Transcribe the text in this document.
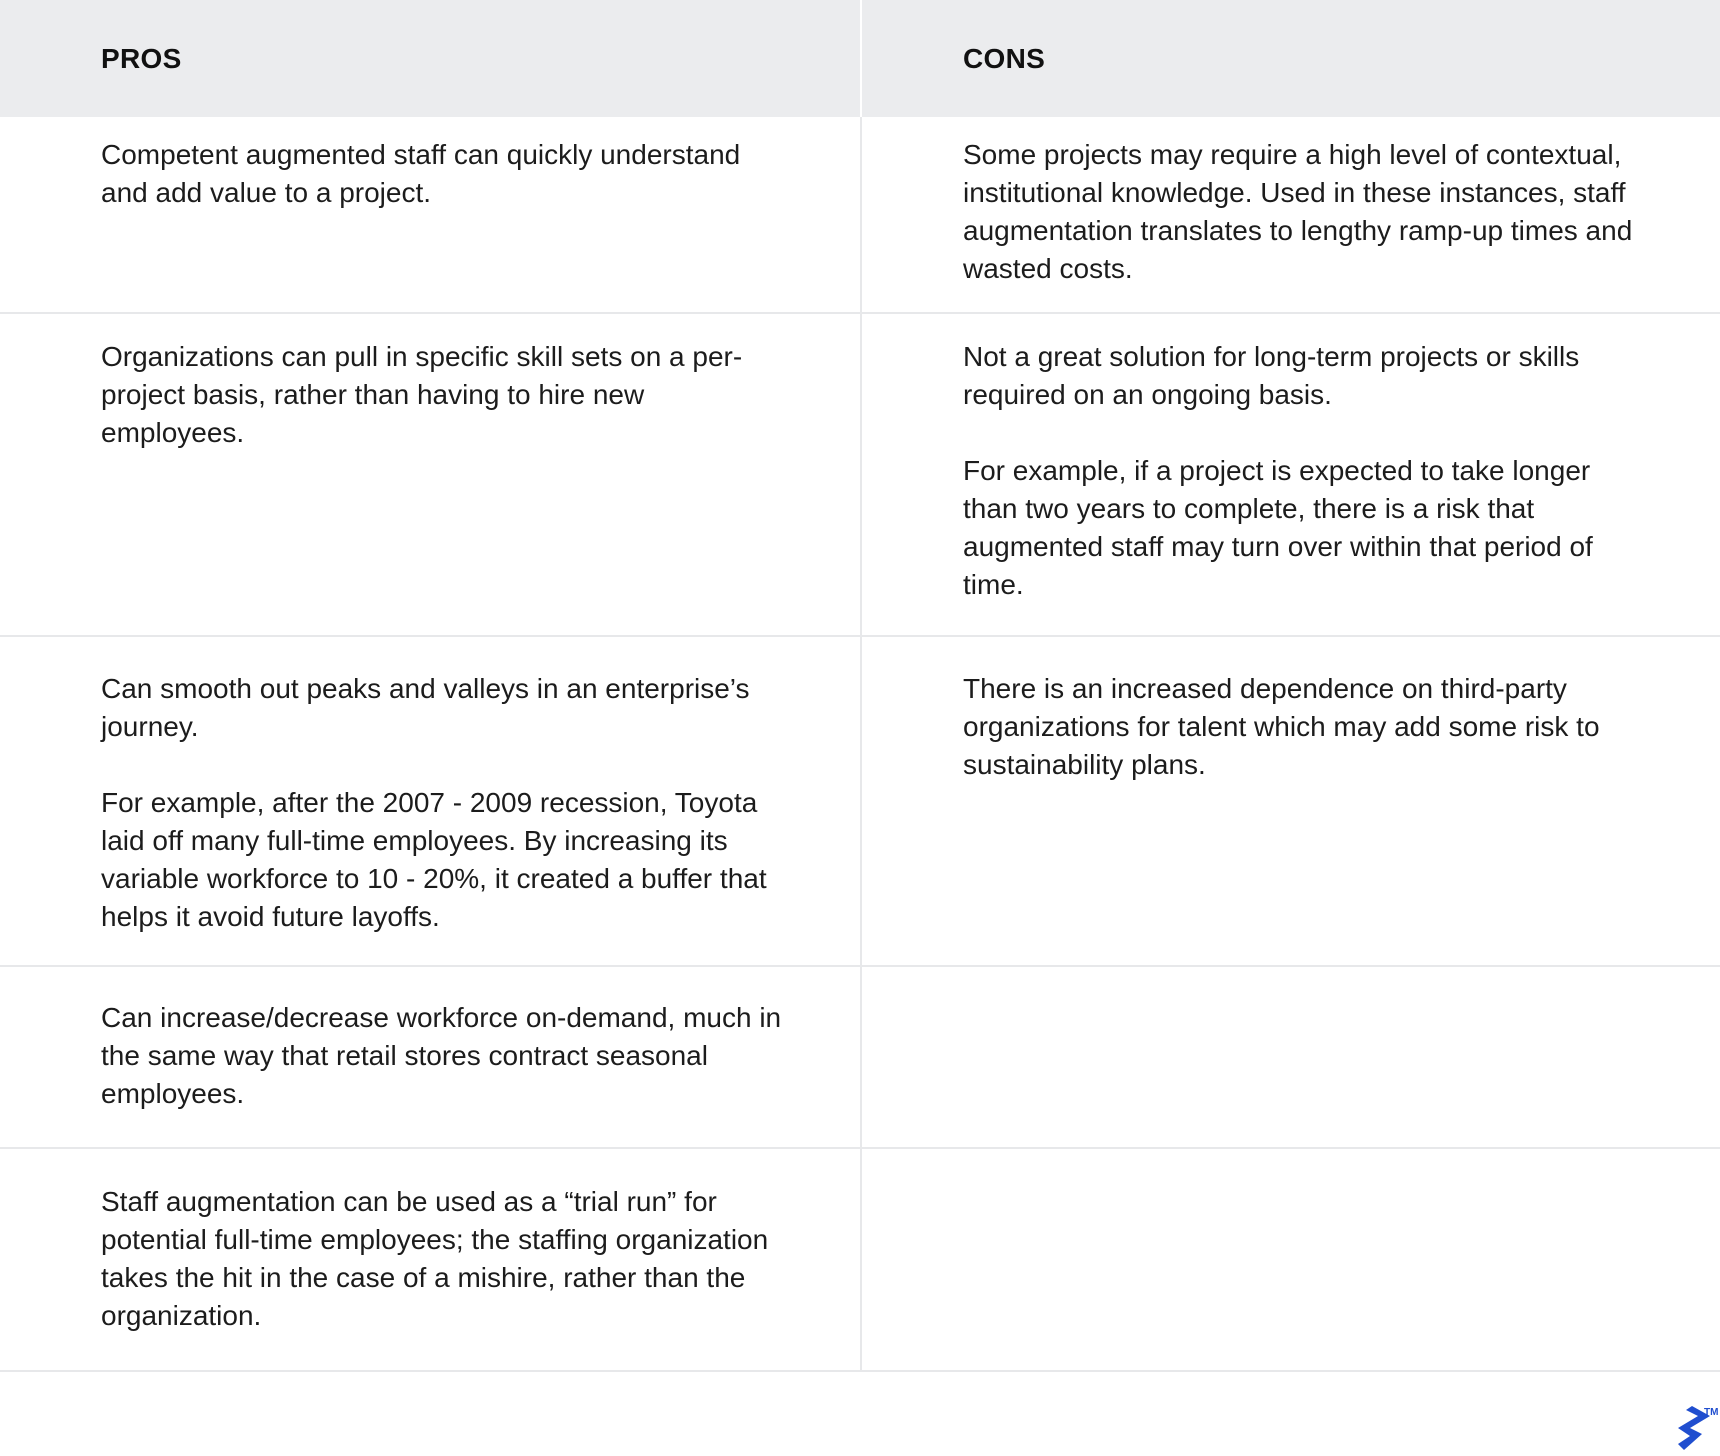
PROS	CONS

Competent augmented staff can quickly understand and add value to a project.

Some projects may require a high level of contextual, institutional knowledge. Used in these instances, staff augmentation translates to lengthy ramp-up times and wasted costs.

Organizations can pull in specific skill sets on a per-project basis, rather than having to hire new employees.

Not a great solution for long-term projects or skills required on an ongoing basis.

For example, if a project is expected to take longer than two years to complete, there is a risk that augmented staff may turn over within that period of time.

Can smooth out peaks and valleys in an enterprise’s journey.

For example, after the 2007 - 2009 recession, Toyota laid off many full-time employees. By increasing its variable workforce to 10 - 20%, it created a buffer that helps it avoid future layoffs.

There is an increased dependence on third-party organizations for talent which may add some risk to sustainability plans.

Can increase/decrease workforce on-demand, much in the same way that retail stores contract seasonal employees.

Staff augmentation can be used as a “trial run” for potential full-time employees; the staffing organization takes the hit in the case of a mishire, rather than the organization.

TM
